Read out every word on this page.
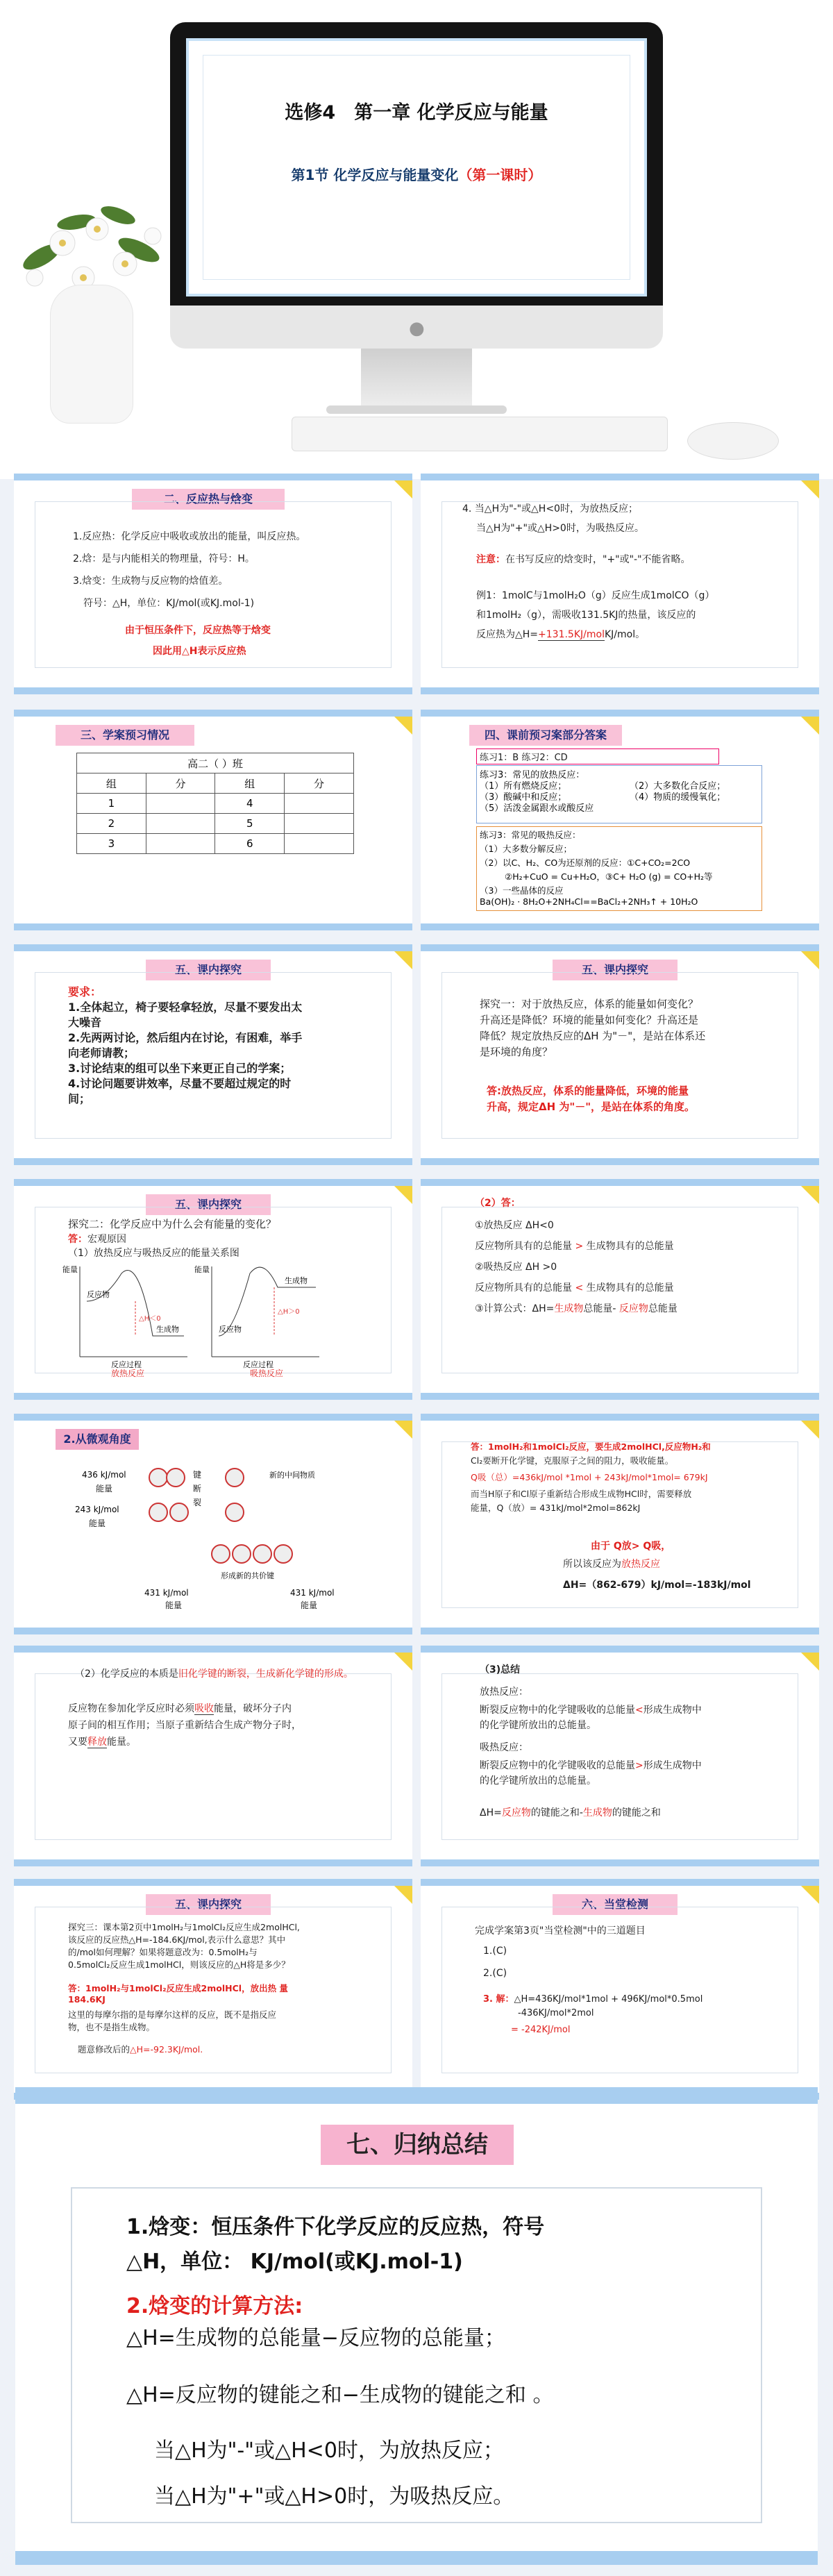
选修4　第一章 化学反应与能量
第1节 化学反应与能量变化（第一课时）
●
二、反应热与焓变
1.反应热：化学反应中吸收或放出的能量，叫反应热。
2.焓：是与内能相关的物理量，符号：H。
3.焓变：生成物与反应物的焓值差。
符号：△H，单位：KJ/mol(或KJ.mol-1)
由于恒压条件下，反应热等于焓变
因此用△H表示反应热
4. 当△H为"-"或△H<0时，为放热反应；
当△H为"+"或△H>0时，为吸热反应。
注意：在书写反应的焓变时，"+"或"-"不能省略。
例1：1molC与1molH₂O（g）反应生成1molCO（g）
和1molH₂（g），需吸收131.5KJ的热量，该反应的
反应热为△H=+131.5KJ/molKJ/mol。
三、学案预习情况
高二（ ）班			
组	分	组	分
1		4	
2		5	
3		6	
四、课前预习案部分答案
练习1：B 练习2：CD
练习3：常见的放热反应：
（1）所有燃烧反应；	（2）大多数化合反应；
（3）酸碱中和反应；	（4）物质的缓慢氧化；
（5）活泼金属跟水或酸反应
练习3：常见的吸热反应：
（1）大多数分解反应；
（2）以C、H₂、CO为还原剂的反应：①C+CO₂=2CO
②H₂+CuO = Cu+H₂O，③C+ H₂O (g) = CO+H₂等
（3）一些晶体的反应
Ba(OH)₂ · 8H₂O+2NH₄Cl==BaCl₂+2NH₃↑ + 10H₂O
五、课内探究
要求：
1.全体起立，椅子要轻拿轻放，尽量不要发出太
大噪音
2.先两两讨论，然后组内在讨论，有困难，举手
向老师请教；
3.讨论结束的组可以坐下来更正自己的学案；
4.讨论问题要讲效率，尽量不要超过规定的时
间；
五、课内探究
探究一：对于放热反应，体系的能量如何变化？
升高还是降低？环境的能量如何变化？升高还是
降低？规定放热反应的ΔH 为"－"，是站在体系还
是环境的角度？
答:放热反应，体系的能量降低，环境的能量
升高，规定ΔH 为"－"，是站在体系的角度。
五、课内探究
探究二：化学反应中为什么会有能量的变化？
答：宏观原因
（1）放热反应与吸热反应的能量关系图
能量	能量
反应物
生成物	反应物
生成物
△H＜0
△H＞0
反应过程	反应过程
放热反应	吸热反应
（2）答：
①放热反应 ΔH<0
反应物所具有的总能量 > 生成物具有的总能量
②吸热反应 ΔH >0
反应物所具有的总能量 < 生成物具有的总能量
③计算公式：ΔH=生成物总能量- 反应物总能量
2.从微观角度
436 kJ/mol
能量
243 kJ/mol
能量
431 kJ/mol
能量
431 kJ/mol
能量
键
断
裂
形成新的共价键
新的中间物质
答：1molH₂和1molCl₂反应，要生成2molHCl,反应物H₂和
Cl₂要断开化学键，克服原子之间的阻力，吸收能量。
Q吸（总）=436kJ/mol *1mol + 243kJ/mol*1mol= 679kJ
而当H原子和Cl原子重新结合形成生成物HCl时，需要释放
能量，Q（放）= 431kJ/mol*2mol=862kJ
由于 Q放> Q吸，
所以该反应为放热反应
ΔH=（862-679）kJ/mol=-183kJ/mol
（2）化学反应的本质是旧化学键的断裂，生成新化学键的形成。
反应物在参加化学反应时必须吸收能量，破坏分子内
原子间的相互作用；当原子重新结合生成产物分子时，
又要释放能量。
（3)总结
放热反应：
断裂反应物中的化学键吸收的总能量<形成生成物中
的化学键所放出的总能量。
吸热反应：
断裂反应物中的化学键吸收的总能量>形成生成物中
的化学键所放出的总能量。
ΔH=反应物的键能之和-生成物的键能之和
五、课内探究
探究三：课本第2页中1molH₂与1molCl₂反应生成2molHCl,
该反应的反应热△H=-184.6KJ/mol,表示什么意思？其中
的/mol如何理解？如果将题意改为：0.5molH₂与
0.5molCl₂反应生成1molHCl，则该反应的△H将是多少？
答：1molH₂与1molCl₂反应生成2molHCl，放出热 量
184.6KJ
这里的每摩尔指的是每摩尔这样的反应，既不是指反应
物，也不是指生成物。
题意修改后的△H=-92.3KJ/mol.
六、当堂检测
完成学案第3页"当堂检测"中的三道题目
1.(C)
2.(C)
3. 解：△H=436KJ/mol*1mol + 496KJ/mol*0.5mol
-436KJ/mol*2mol
= -242KJ/mol
七、归纳总结
1.焓变：恒压条件下化学反应的反应热，符号
△H，单位： KJ/mol(或KJ.mol-1)
2.焓变的计算方法:
△H=生成物的总能量−反应物的总能量；
△H=反应物的键能之和−生成物的键能之和 。
当△H为"-"或△H<0时，为放热反应；
当△H为"+"或△H>0时，为吸热反应。
